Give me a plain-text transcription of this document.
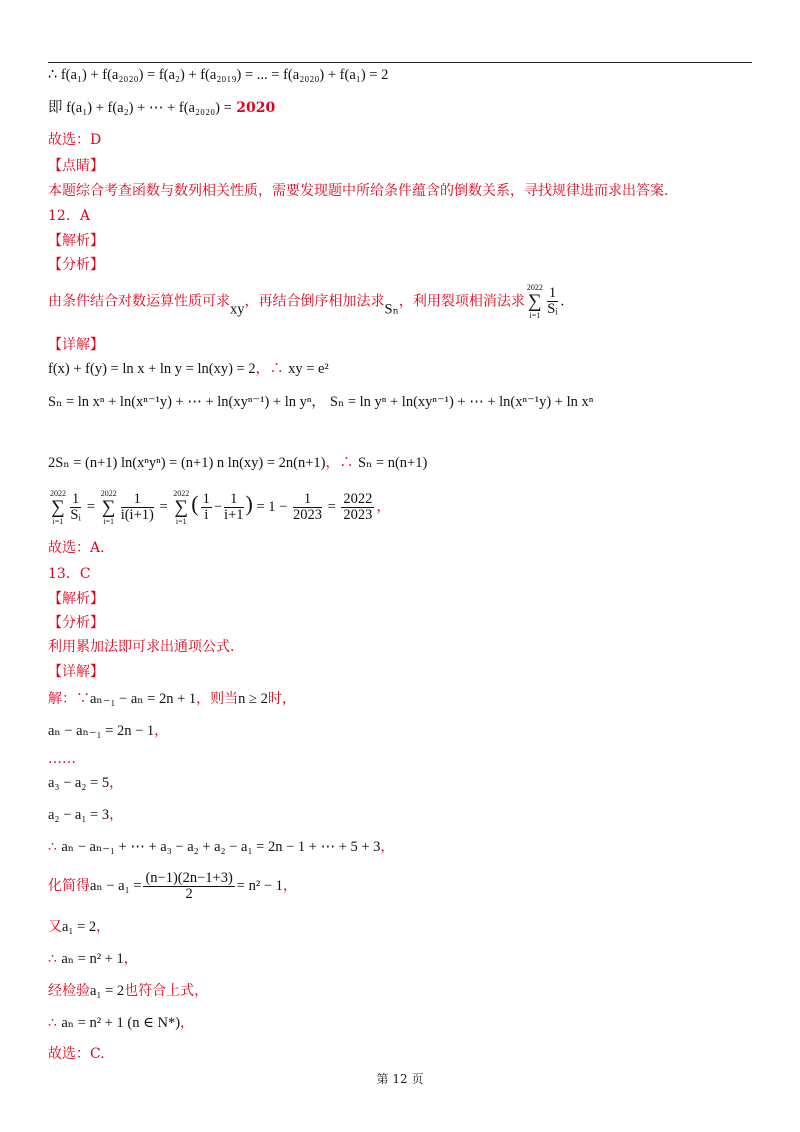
∴ f(a₁) + f(a₂₀₂₀) = f(a₂) + f(a₂₀₁₉) = ... = f(a₂₀₂₀) + f(a₁) = 2
即 f(a₁) + f(a₂) + ⋯ + f(a₂₀₂₀) = 2020
故选：D
【点睛】
本题综合考查函数与数列相关性质，需要发现题中所给条件蕴含的倒数关系，寻找规律进而求出答案.
12．A
【解析】
【分析】
由条件结合对数运算性质可求xy，再结合倒序相加法求Sₙ，利用裂项相消法求
2022
∑
$i=1 \frac{1}{\text{Sᵢ}}$ .
【详解】
f(x) + f(y) = ln x + ln y = ln(xy) = 2，∴ xy = e²
Sₙ = ln xⁿ + ln(xⁿ⁻¹y) + ⋯ + ln(xyⁿ⁻¹) + ln yⁿ， Sₙ = ln yⁿ + ln(xyⁿ⁻¹) + ⋯ + ln(xⁿ⁻¹y) + ln xⁿ
2Sₙ = (n+1) ln(xⁿyⁿ) = (n+1) n ln(xy) = 2n(n+1)，∴ Sₙ = n(n+1)
2022
∑
$i=1 \frac{1}{\text{Sᵢ}}$ =
2022
∑
$i=1 \frac{1}{i(i+1)}$ =
2022
∑
i=1
( $\frac{1}{i} - \frac{1}{i+1}$ ) = $1 - \frac{1}{2023} = \frac{2022}{2023}$ ，
故选：A.
13．C
【解析】
【分析】
利用累加法即可求出通项公式.
【详解】
解：∵aₙ₋₁ − aₙ = 2n + 1，则当n ≥ 2时，
aₙ − aₙ₋₁ = 2n − 1，
……
a₃ − a₂ = 5，
a₂ − a₁ = 3，
∴ aₙ − aₙ₋₁ + ⋯ + a₃ − a₂ + a₂ − a₁ = 2n − 1 + ⋯ + 5 + 3，
化简得$a_n - a_1 = \frac{(n-1)(2n-1+3)}{2} = n^2 - 1$，
又a₁ = 2，
∴ aₙ = n² + 1，
经检验a₁ = 2也符合上式，
∴ aₙ = n² + 1 (n ∈ N*)，
故选：C.
第 12 页
